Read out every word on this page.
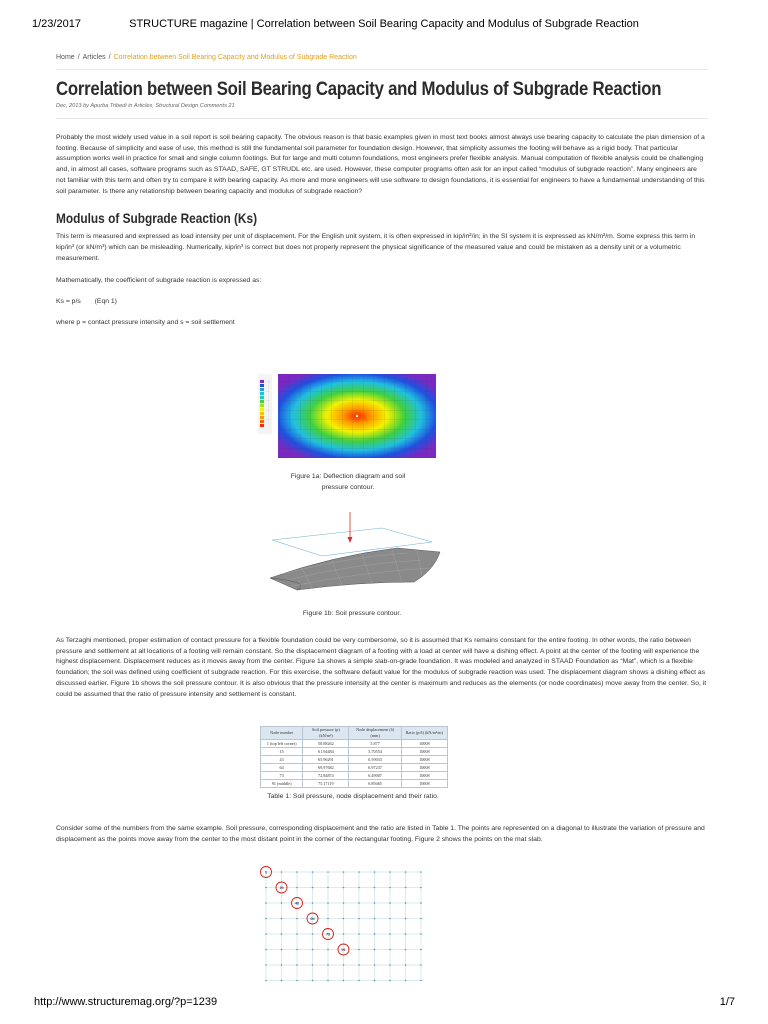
1/23/2017	STRUCTURE magazine | Correlation between Soil Bearing Capacity and Modulus of Subgrade Reaction
Home / Articles / Correlation between Soil Bearing Capacity and Modulus of Subgrade Reaction
Correlation between Soil Bearing Capacity and Modulus of Subgrade Reaction
Dec, 2013 by Apurba Tribedi in Articles, Structural Design Comments 21

Probably the most widely used value in a soil report is soil bearing capacity. The obvious reason is that basic examples given in most text books almost always use bearing capacity to calculate the plan dimension of a footing. Because of simplicity and ease of use, this method is still the fundamental soil parameter for foundation design. However, that simplicity assumes the footing will behave as a rigid body. That particular assumption works well in practice for small and single column footings. But for large and multi column foundations, most engineers prefer flexible analysis. Manual computation of flexible analysis could be challenging and, in almost all cases, software programs such as STAAD, SAFE, GT STRUDL etc. are used. However, these computer programs often ask for an input called “modulus of subgrade reaction”. Many engineers are not familiar with this term and often try to compare it with bearing capacity. As more and more engineers will use software to design foundations, it is essential for engineers to have a fundamental understanding of this soil parameter. Is there any relationship between bearing capacity and modulus of subgrade reaction?

Modulus of Subgrade Reaction (Ks)

This term is measured and expressed as load intensity per unit of displacement. For the English unit system, it is often expressed in kip/in²/in; in the SI system it is expressed as kN/m²/m. Some express this term in kip/in³ (or kN/m³) which can be misleading. Numerically, kip/in³ is correct but does not properly represent the physical significance of the measured value and could be mistaken as a density unit or a volumetric measurement.

Mathematically, the coefficient of subgrade reaction is expressed as:

Ks = p/s (Eqn 1)

where p = contact pressure intensity and s = soil settlement

Figure 1a: Deflection diagram and soil pressure contour.
Figure 1b: Soil pressure contour.

As Terzaghi mentioned, proper estimation of contact pressure for a flexible foundation could be very cumbersome, so it is assumed that Ks remains constant for the entire footing. In other words, the ratio between pressure and settlement at all locations of a footing will remain constant. So the displacement diagram of a footing with a load at center will have a dishing effect. A point at the center of the footing will experience the highest displacement. Displacement reduces as it moves away from the center. Figure 1a shows a simple slab-on-grade foundation. It was modeled and analyzed in STAAD Foundation as “Mat”, which is a flexible foundation; the soil was defined using coefficient of subgrade reaction. For this exercise, the software default value for the modulus of subgrade reaction was used. The displacement diagram shows a dishing effect as discussed earlier. Figure 1b shows the soil pressure contour. It is also obvious that the pressure intensity at the center is maximum and reduces as the elements (or node coordinates) move away from the center. So, it could be assumed that the ratio of pressure intensity and settlement is constant.

Node number	Soil pressure (p) (kN/m²)	Node displacement (δ) (mm)	Ratio (p/δ) (kN/m²/m)
1 (top left corner)	58.88262	5.877	10008
15	61.94484	5.70554	10008
43	65.96291	6.59033	10008
64	69.97682	6.97237	10008
73	72.84874	6.49007	10008
91 (middle)	75.17119	6.89465	10008
Table 1: Soil pressure, node displacement and their ratio.

Consider some of the numbers from the same example. Soil pressure, corresponding displacement and the ratio are listed in Table 1. The points are represented on a diagonal to illustrate the variation of pressure and displacement as the points move away from the center to the most distant point in the corner of the rectangular footing. Figure 2 shows the points on the mat slab.

1
15
43
64
73
91
http://www.structuremag.org/?p=1239	1/7
